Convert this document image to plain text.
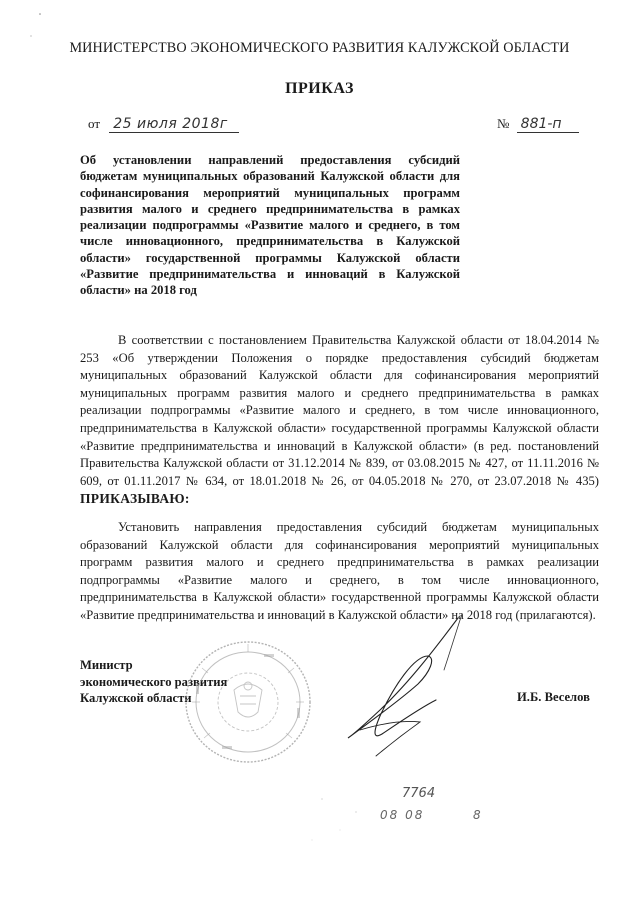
МИНИСТЕРСТВО ЭКОНОМИЧЕСКОГО РАЗВИТИЯ КАЛУЖСКОЙ ОБЛАСТИ
ПРИКАЗ
от 25 июля 2018г	№ 881-п
Об установлении направлений предоставления субсидий бюджетам муниципальных образований Калужской области для софинансирования мероприятий муниципальных программ развития малого и среднего предпринимательства в рамках реализации подпрограммы «Развитие малого и среднего, в том числе инновационного, предпринимательства в Калужской области» государственной программы Калужской области «Развитие предпринимательства и инноваций в Калужской области» на 2018 год
В соответствии с постановлением Правительства Калужской области от 18.04.2014 № 253 «Об утверждении Положения о порядке предоставления субсидий бюджетам муниципальных образований Калужской области для софинансирования мероприятий муниципальных программ развития малого и среднего предпринимательства в рамках реализации подпрограммы «Развитие малого и среднего, в том числе инновационного, предпринимательства в Калужской области» государственной программы Калужской области «Развитие предпринимательства и инноваций в Калужской области» (в ред. постановлений Правительства Калужской области от 31.12.2014 № 839, от 03.08.2015 № 427, от 11.11.2016 № 609, от 01.11.2017 № 634, от 18.01.2018 № 26, от 04.05.2018 № 270, от 23.07.2018 № 435) ПРИКАЗЫВАЮ:
Установить направления предоставления субсидий бюджетам муниципальных образований Калужской области для софинансирования мероприятий муниципальных программ развития малого и среднего предпринимательства в рамках реализации подпрограммы «Развитие малого и среднего, в том числе инновационного, предпринимательства в Калужской области» государственной программы Калужской области «Развитие предпринимательства и инноваций в Калужской области» на 2018 год (прилагаются).
Министр
экономического развития
Калужской области	И.Б. Веселов
7764
08 08	8
